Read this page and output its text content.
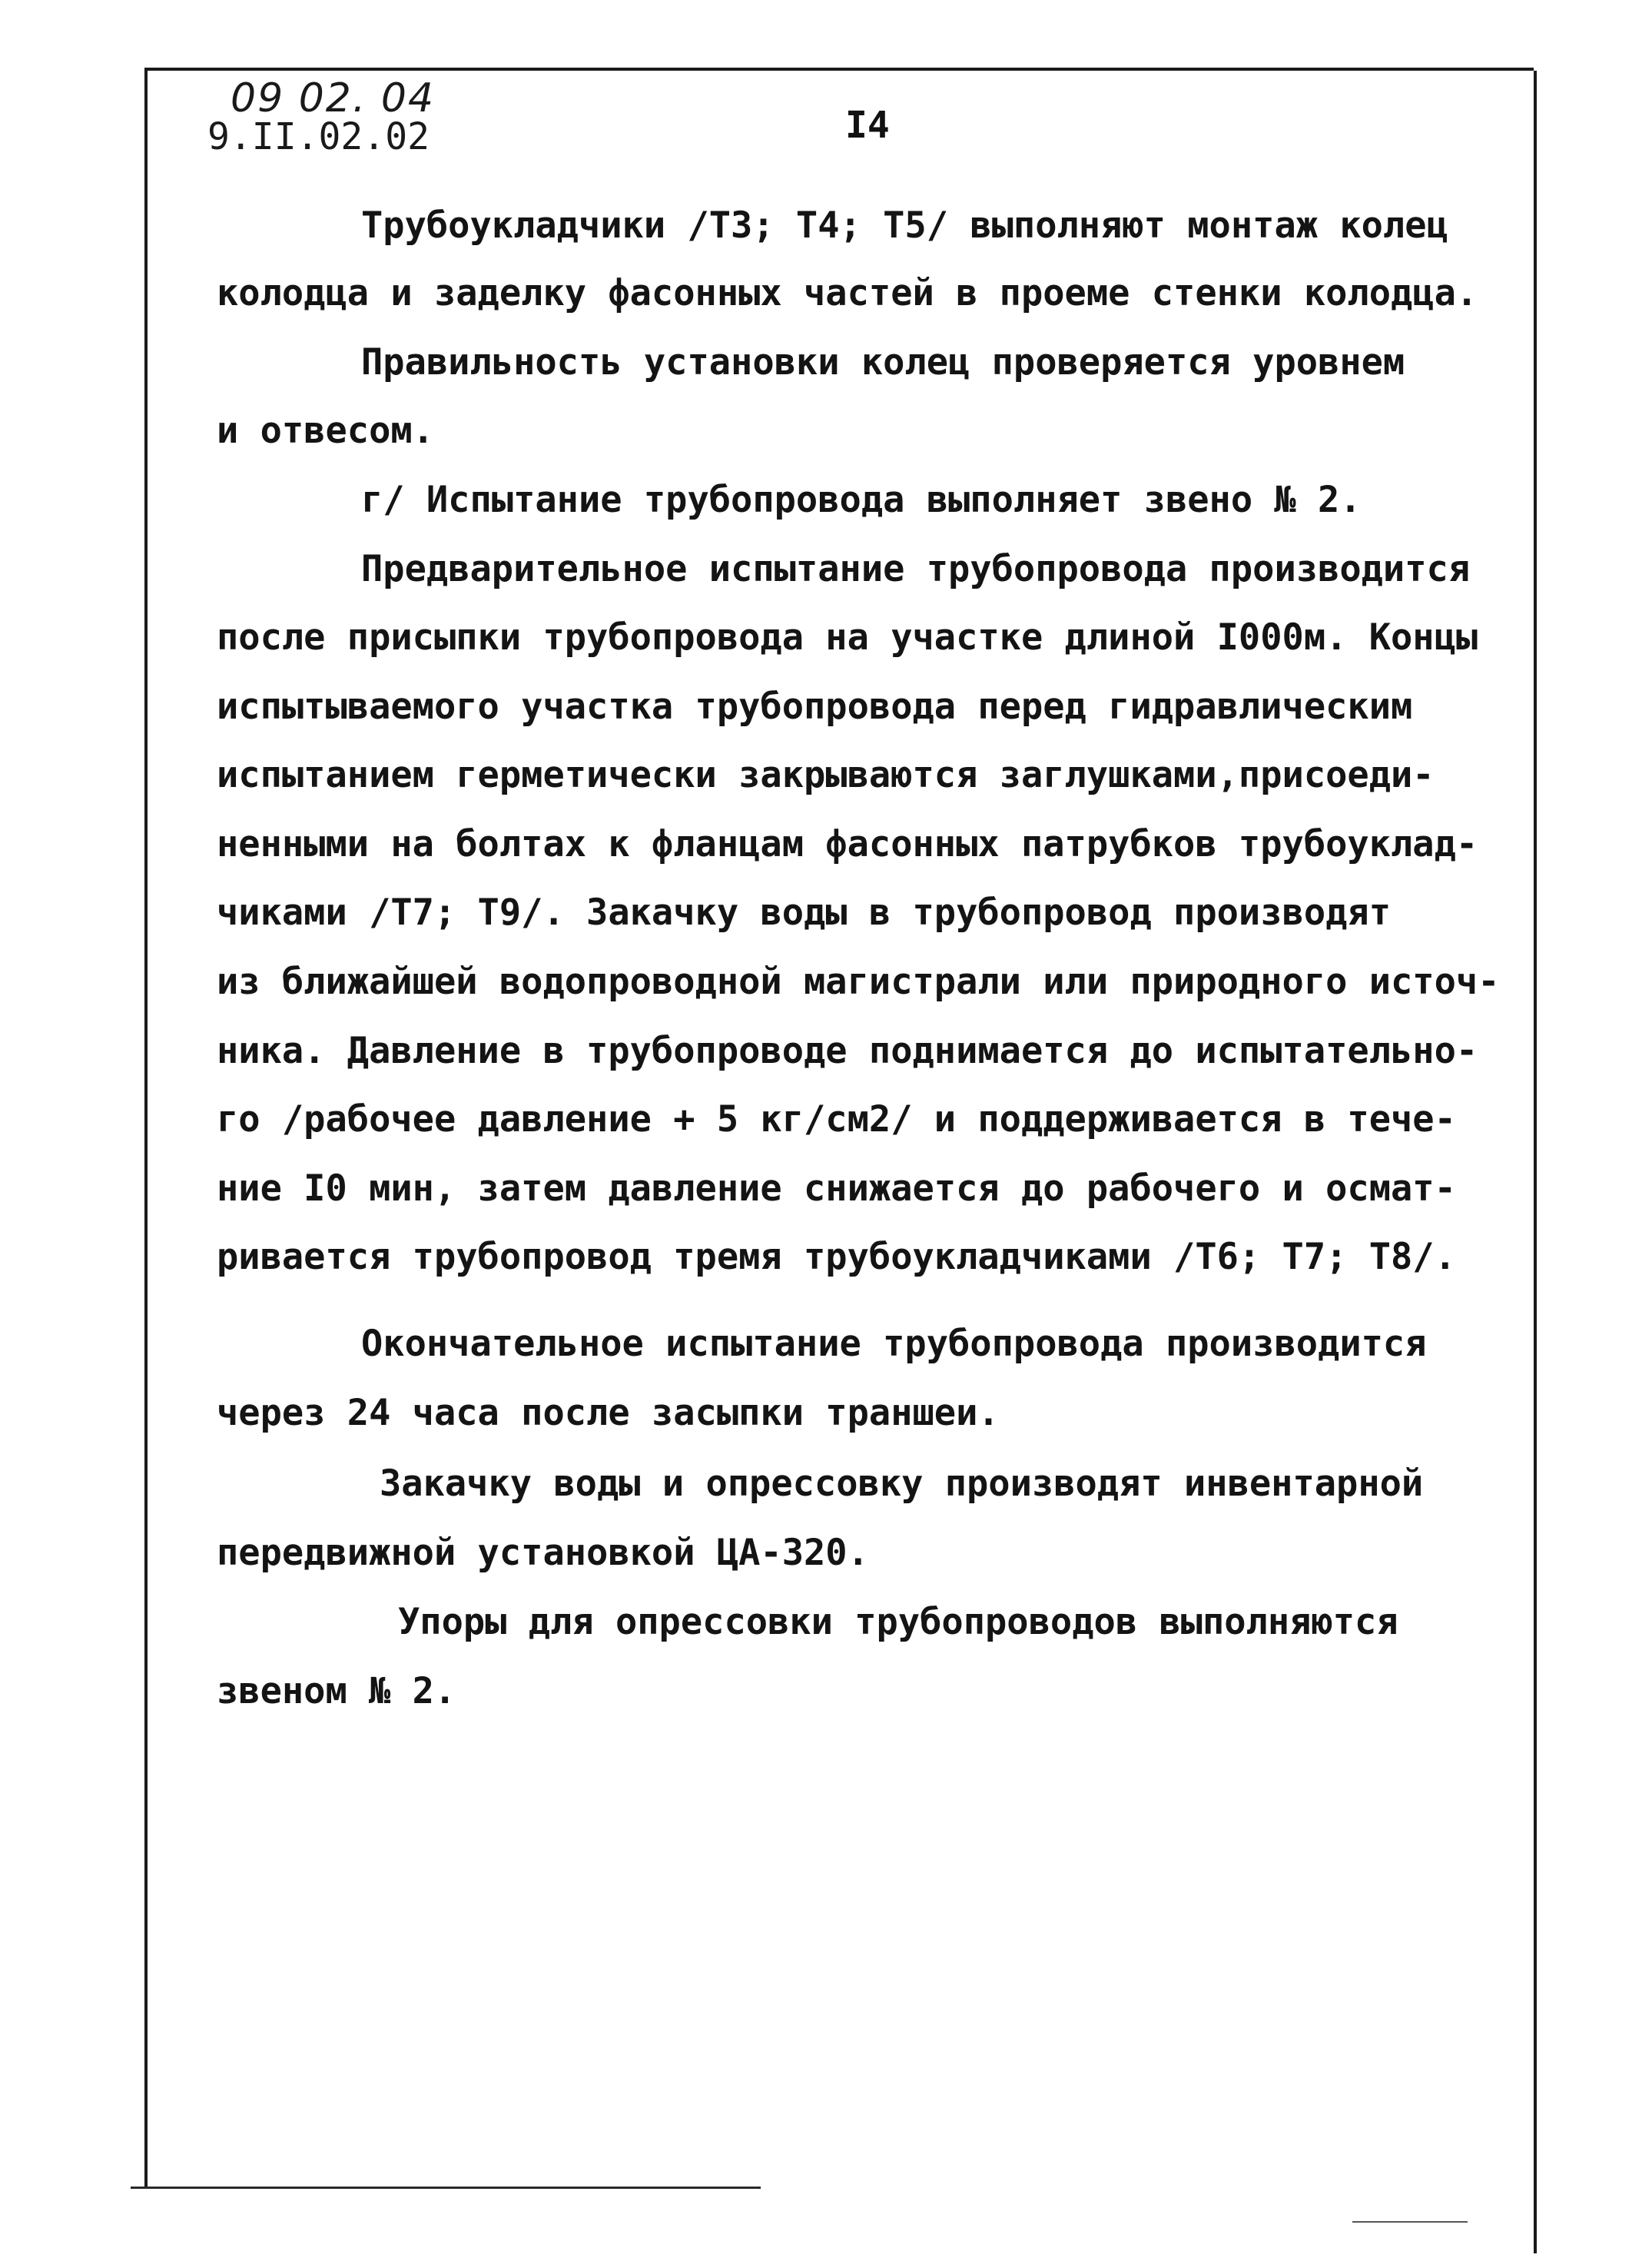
09 02. 04
9.II.02.02	I4
Трубоукладчики /Т3; Т4; Т5/ выполняют монтаж колец
колодца и заделку фасонных частей в проеме стенки колодца.
Правильность установки колец проверяется уровнем
и отвесом.
г/ Испытание трубопровода выполняет звено № 2.
Предварительное испытание трубопровода производится
после присыпки трубопровода на участке длиной I000м. Концы
испытываемого участка трубопровода перед гидравлическим
испытанием герметически закрываются заглушками,присоеди-
ненными на болтах к фланцам фасонных патрубков трубоуклад-
чиками /Т7; Т9/. Закачку воды в трубопровод производят
из ближайшей водопроводной магистрали или природного источ-
ника. Давление в трубопроводе поднимается до испытательно-
го /рабочее давление + 5 кг/см2/ и поддерживается в тече-
ние I0 мин, затем давление снижается до рабочего и осмат-
ривается трубопровод тремя трубоукладчиками /Т6; Т7; Т8/.
Окончательное испытание трубопровода производится
через 24 часа после засыпки траншеи.
Закачку воды и опрессовку производят инвентарной
передвижной установкой ЦА-320.
Упоры для опрессовки трубопроводов выполняются
звеном № 2.
